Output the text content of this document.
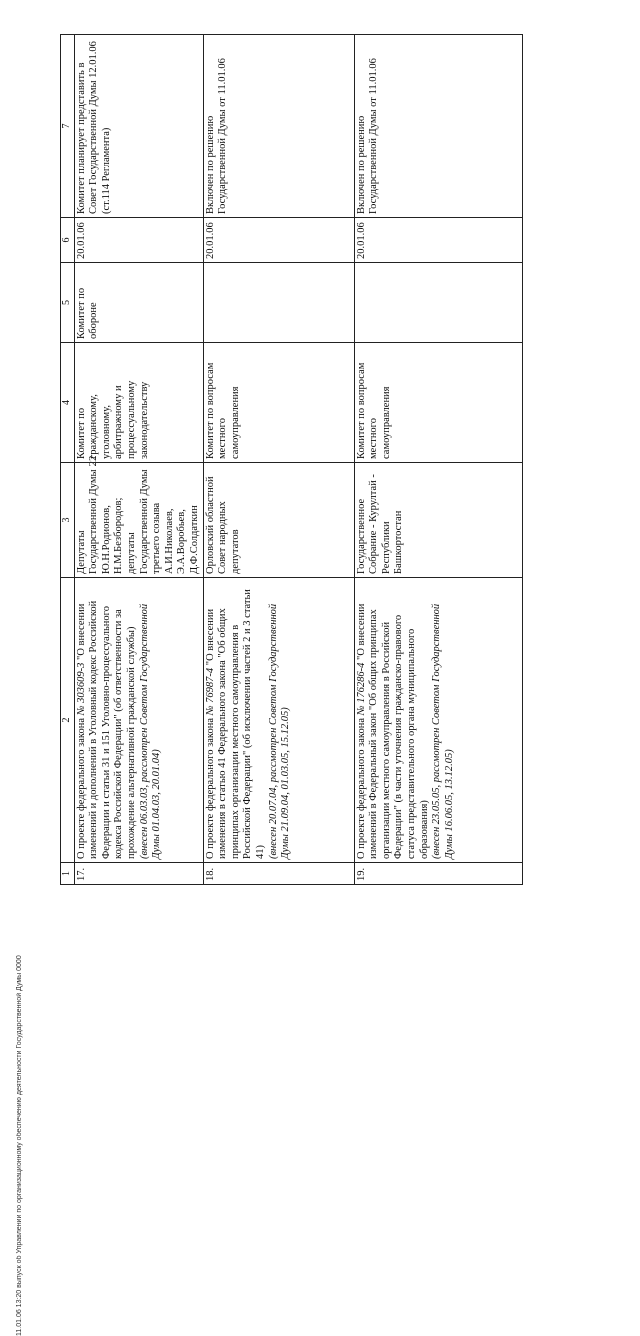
22
1	2	3	4	5	6	7
17.	О проекте федерального закона № 303609-3 "О внесении изменений и дополнений в Уголовный кодекс Российской Федерации и статьи 31 и 151 Уголовно-процессуального кодекса Российской Федерации" (об ответственности за прохождение альтернативной гражданской службы) (внесен 06.03.03, рассмотрен Советом Государственной Думы 01.04.03, 20.01.04)	Депутаты Государственной Думы Ю.Н.Родионов, Н.М.Безбородов; депутаты Государственной Думы третьего созыва А.И.Николаев, Э.А.Воробьев, Д.Ф.Солдаткин	Комитет по гражданскому, уголовному, арбитражному и процессуальному законодательству	Комитет по обороне	20.01.06	Комитет планирует представить в Совет Государственной Думы 12.01.06 (ст.114 Регламента)
18.	О проекте федерального закона № 76987-4 "О внесении изменения в статью 41 Федерального закона "Об общих принципах организации местного самоуправления в Российской Федерации" (об исключении частей 2 и 3 статьи 41) (внесен 20.07.04, рассмотрен Советом Государственной Думы 21.09.04, 01.03.05, 15.12.05)	Орловский областной Совет народных депутатов	Комитет по вопросам местного самоуправления		20.01.06	Включен по решению Государственной Думы от 11.01.06
19.	О проекте федерального закона № 176286-4 "О внесении изменений в Федеральный закон "Об общих принципах организации местного самоуправления в Российской Федерации" (в части уточнения гражданско-правового статуса представительного органа муниципального образования) (внесен 23.05.05, рассмотрен Советом Государственной Думы 16.06.05, 13.12.05)	Государственное Собрание - Курултай - Республики Башкортостан	Комитет по вопросам местного самоуправления		20.01.06	Включен по решению Государственной Думы от 11.01.06
11.01.06 13:20 выпуск об Управлении по организационному обеспечению деятельности Государственной Думы 0000
